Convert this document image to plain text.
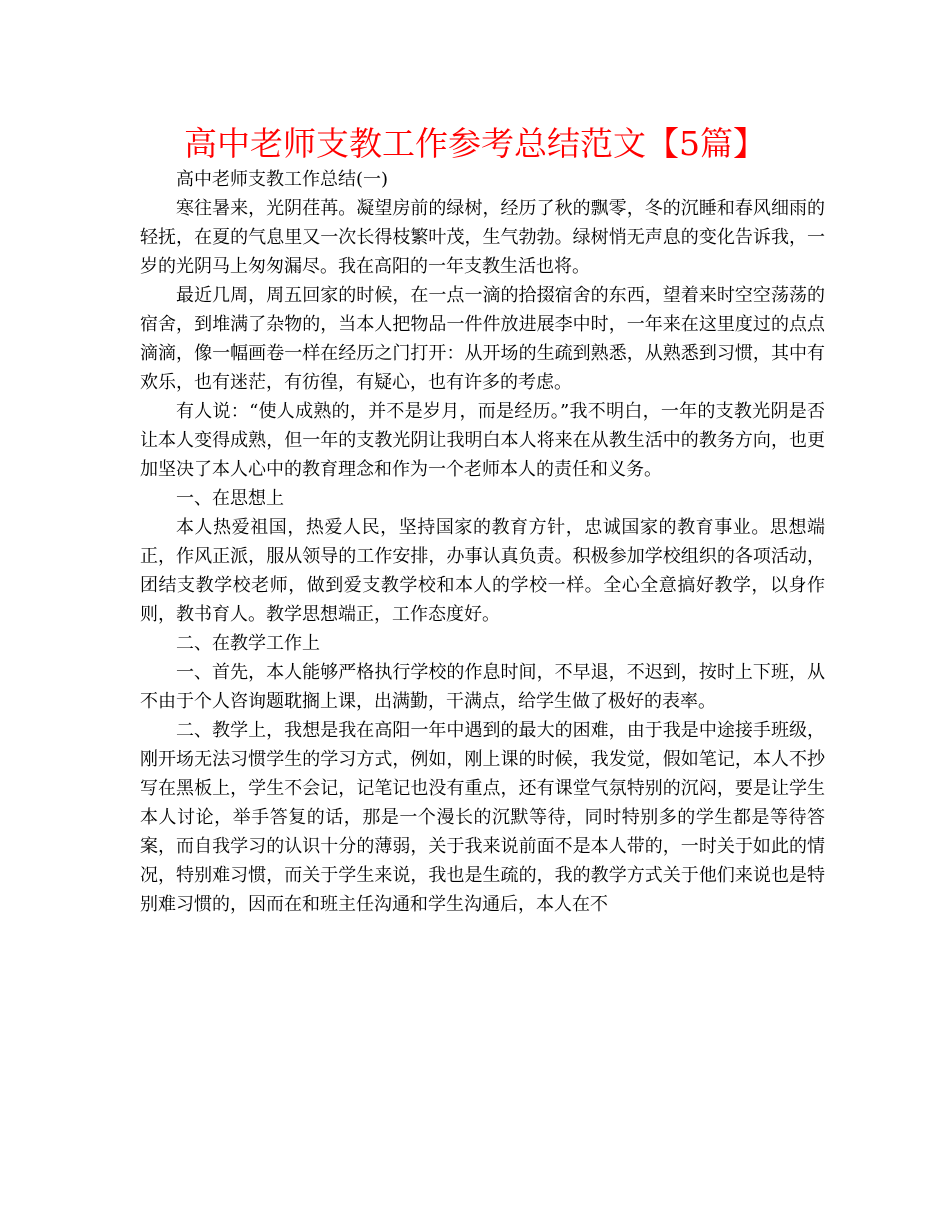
高中老师支教工作参考总结范文【5篇】

高中老师支教工作总结(一)

寒往暑来，光阴荏苒。凝望房前的绿树，经历了秋的飘零，冬的沉睡和春风细雨的轻抚，在夏的气息里又一次长得枝繁叶茂，生气勃勃。绿树悄无声息的变化告诉我，一岁的光阴马上匆匆漏尽。我在高阳的一年支教生活也将。

最近几周，周五回家的时候，在一点一滴的拾掇宿舍的东西，望着来时空空荡荡的宿舍，到堆满了杂物的，当本人把物品一件件放进展李中时，一年来在这里度过的点点滴滴，像一幅画卷一样在经历之门打开：从开场的生疏到熟悉，从熟悉到习惯，其中有欢乐，也有迷茫，有彷徨，有疑心，也有许多的考虑。

有人说：“使人成熟的，并不是岁月，而是经历。”我不明白，一年的支教光阴是否让本人变得成熟，但一年的支教光阴让我明白本人将来在从教生活中的教务方向，也更加坚决了本人心中的教育理念和作为一个老师本人的责任和义务。

一、在思想上

本人热爱祖国，热爱人民，坚持国家的教育方针，忠诚国家的教育事业。思想端正，作风正派，服从领导的工作安排，办事认真负责。积极参加学校组织的各项活动，团结支教学校老师，做到爱支教学校和本人的学校一样。全心全意搞好教学，以身作则，教书育人。教学思想端正，工作态度好。

二、在教学工作上

一、首先，本人能够严格执行学校的作息时间，不早退，不迟到，按时上下班，从不由于个人咨询题耽搁上课，出满勤，干满点，给学生做了极好的表率。

二、教学上，我想是我在高阳一年中遇到的最大的困难，由于我是中途接手班级，刚开场无法习惯学生的学习方式，例如，刚上课的时候，我发觉，假如笔记，本人不抄写在黑板上，学生不会记，记笔记也没有重点，还有课堂气氛特别的沉闷，要是让学生本人讨论，举手答复的话，那是一个漫长的沉默等待，同时特别多的学生都是等待答案，而自我学习的认识十分的薄弱，关于我来说前面不是本人带的，一时关于如此的情况，特别难习惯，而关于学生来说，我也是生疏的，我的教学方式关于他们来说也是特别难习惯的，因而在和班主任沟通和学生沟通后，本人在不
